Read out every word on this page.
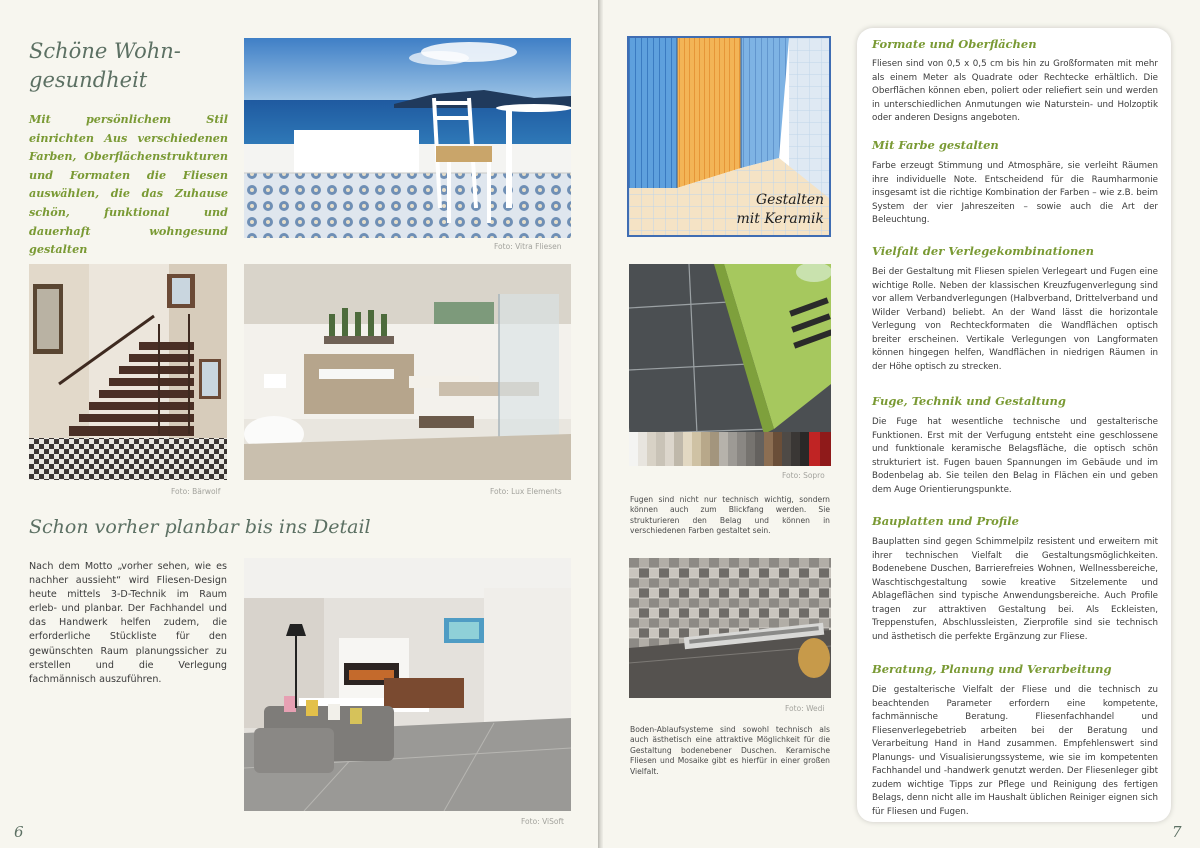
Schöne Wohn-
gesundheit

Mit persönlichem Stil einrichten Aus verschiedenen Farben, Oberflächenstrukturen und Formaten die Fliesen auswählen, die das Zuhause schön, funktional und dauerhaft wohngesund gestalten	Foto: Vitra Fliesen
Foto: Bärwolf	Foto: Lux Elements
Schon vorher planbar bis ins Detail

Nach dem Motto „vorher sehen, wie es nachher aussieht“ wird Fliesen-Design heute mittels 3-D-Technik im Raum erleb- und planbar. Der Fachhandel und das Handwerk helfen zudem, die erforderliche Stückliste für den gewünschten Raum planungssicher zu erstellen und die Verlegung fachmännisch auszuführen.

Foto: ViSoft
6
Gestalten
mit Keramik
Foto: Sopro

Fugen sind nicht nur technisch wichtig, sondern können auch zum Blickfang werden. Sie strukturieren den Belag und können in verschiedenen Farben gestaltet sein.

Foto: Wedi

Boden-Ablaufsysteme sind sowohl technisch als auch ästhetisch eine attraktive Möglichkeit für die Gestaltung bodenebener Duschen. Keramische Fliesen und Mosaike gibt es hierfür in einer großen Vielfalt.

7
Formate und Oberflächen

Fliesen sind von 0,5 x 0,5 cm bis hin zu Großformaten mit mehr als einem Meter als Quadrate oder Rechtecke erhältlich. Die Oberflächen können eben, poliert oder reliefiert sein und werden in unterschiedlichen Anmutungen wie Naturstein- und Holzoptik oder anderen Designs angeboten.

Mit Farbe gestalten

Farbe erzeugt Stimmung und Atmosphäre, sie verleiht Räumen ihre individuelle Note. Entscheidend für die Raumharmonie insgesamt ist die richtige Kombination der Farben – wie z.B. beim System der vier Jahreszeiten – sowie auch die Art der Beleuchtung.

Vielfalt der Verlegekombinationen

Bei der Gestaltung mit Fliesen spielen Verlegeart und Fugen eine wichtige Rolle. Neben der klassischen Kreuzfugenverlegung sind vor allem Verbandverlegungen (Halbverband, Drittelverband und Wilder Verband) beliebt. An der Wand lässt die horizontale Verlegung von Rechteckformaten die Wandflächen optisch breiter erscheinen. Vertikale Verlegungen von Langformaten können hingegen helfen, Wandflächen in niedrigen Räumen in der Höhe optisch zu strecken.

Fuge, Technik und Gestaltung

Die Fuge hat wesentliche technische und gestalterische Funktionen. Erst mit der Verfugung entsteht eine geschlossene und funktionale keramische Belagsfläche, die optisch schön strukturiert ist. Fugen bauen Spannungen im Gebäude und im Bodenbelag ab. Sie teilen den Belag in Flächen ein und geben dem Auge Orientierungspunkte.

Bauplatten und Profile

Bauplatten sind gegen Schimmelpilz resistent und erweitern mit ihrer technischen Vielfalt die Gestaltungsmöglichkeiten. Bodenebene Duschen, Barrierefreies Wohnen, Wellnessbereiche, Waschtischgestaltung sowie kreative Sitzelemente und Ablageflächen sind typische Anwendungsbereiche. Auch Profile tragen zur attraktiven Gestaltung bei. Als Eckleisten, Treppenstufen, Abschlussleisten, Zierprofile sind sie technisch und ästhetisch die perfekte Ergänzung zur Fliese.

Beratung, Planung und Verarbeitung

Die gestalterische Vielfalt der Fliese und die technisch zu beachtenden Parameter erfordern eine kompetente, fachmännische Beratung. Fliesenfachhandel und Fliesenverlegebetrieb arbeiten bei der Beratung und Verarbeitung Hand in Hand zusammen. Empfehlenswert sind Planungs- und Visualisierungssysteme, wie sie im kompetenten Fachhandel und -handwerk genutzt werden. Der Fliesenleger gibt zudem wichtige Tipps zur Pflege und Reinigung des fertigen Belags, denn nicht alle im Haushalt üblichen Reiniger eignen sich für Fliesen und Fugen.
